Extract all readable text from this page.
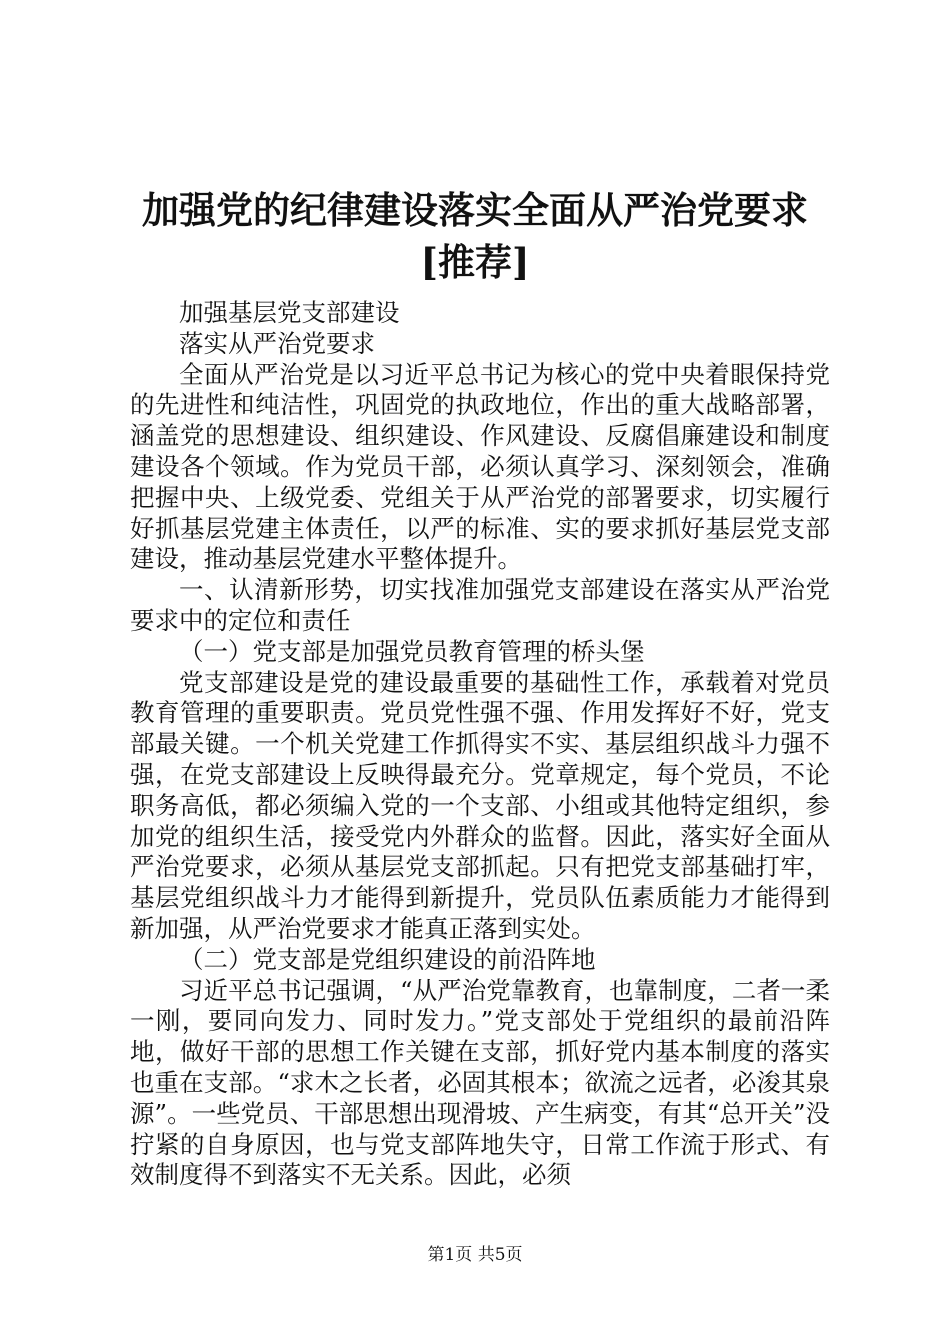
加强党的纪律建设落实全面从严治党要求[推荐]

加强基层党支部建设

落实从严治党要求

全面从严治党是以习近平总书记为核心的党中央着眼保持党的先进性和纯洁性，巩固党的执政地位，作出的重大战略部署，涵盖党的思想建设、组织建设、作风建设、反腐倡廉建设和制度建设各个领域。作为党员干部，必须认真学习、深刻领会，准确把握中央、上级党委、党组关于从严治党的部署要求，切实履行好抓基层党建主体责任，以严的标准、实的要求抓好基层党支部建设，推动基层党建水平整体提升。

一、认清新形势，切实找准加强党支部建设在落实从严治党要求中的定位和责任

（一）党支部是加强党员教育管理的桥头堡

党支部建设是党的建设最重要的基础性工作，承载着对党员教育管理的重要职责。党员党性强不强、作用发挥好不好，党支部最关键。一个机关党建工作抓得实不实、基层组织战斗力强不强，在党支部建设上反映得最充分。党章规定，每个党员，不论职务高低，都必须编入党的一个支部、小组或其他特定组织，参加党的组织生活，接受党内外群众的监督。因此，落实好全面从严治党要求，必须从基层党支部抓起。只有把党支部基础打牢，基层党组织战斗力才能得到新提升，党员队伍素质能力才能得到新加强，从严治党要求才能真正落到实处。

（二）党支部是党组织建设的前沿阵地

习近平总书记强调，“从严治党靠教育，也靠制度，二者一柔一刚，要同向发力、同时发力。”党支部处于党组织的最前沿阵地，做好干部的思想工作关键在支部，抓好党内基本制度的落实也重在支部。“求木之长者，必固其根本；欲流之远者，必浚其泉源”。一些党员、干部思想出现滑坡、产生病变，有其“总开关”没拧紧的自身原因，也与党支部阵地失守，日常工作流于形式、有效制度得不到落实不无关系。因此，必须

第1页 共5页
